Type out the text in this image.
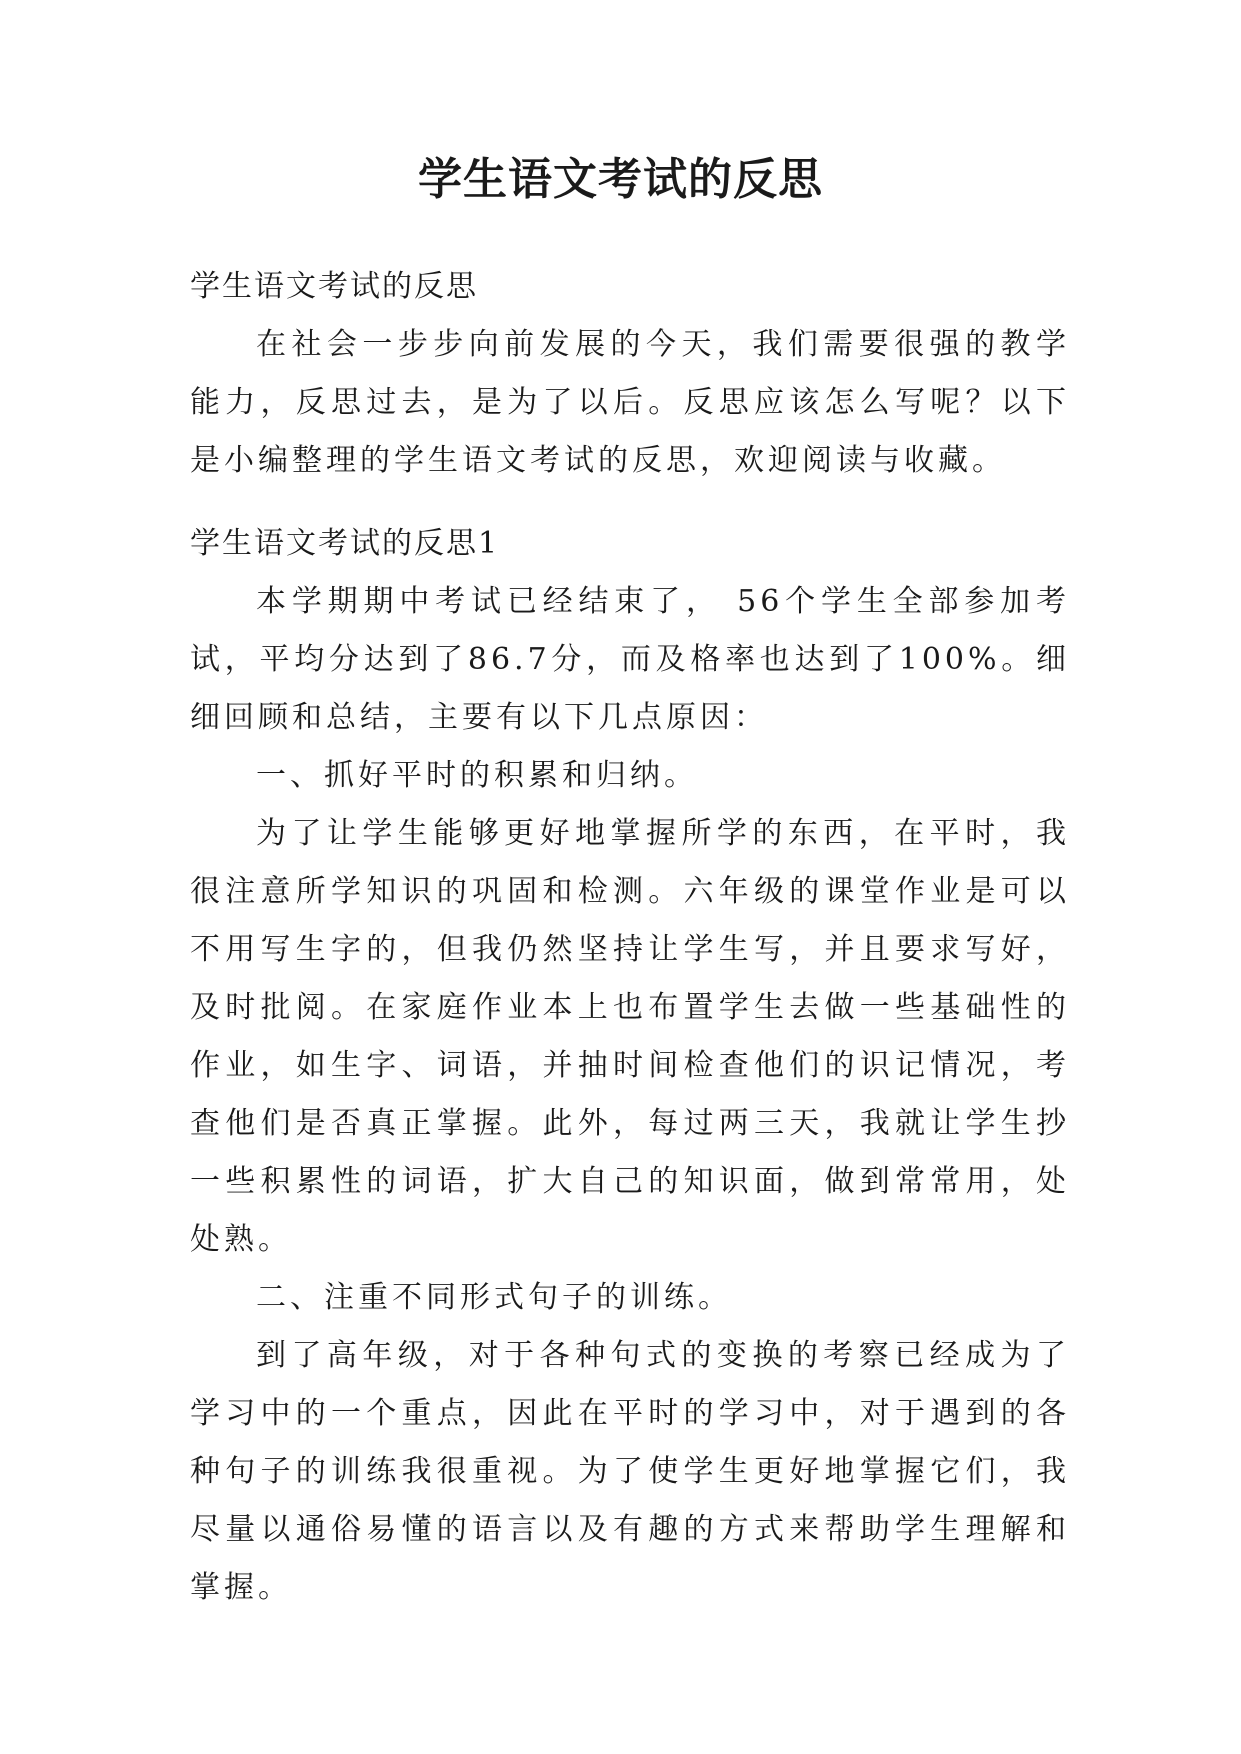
学生语文考试的反思
学生语文考试的反思

在社会一步步向前发展的今天，我们需要很强的教学能力，反思过去，是为了以后。反思应该怎么写呢？以下是小编整理的学生语文考试的反思，欢迎阅读与收藏。

学生语文考试的反思1

本学期期中考试已经结束了， 56个学生全部参加考试，平均分达到了86.7分，而及格率也达到了100%。细细回顾和总结，主要有以下几点原因：

一、抓好平时的积累和归纳。

为了让学生能够更好地掌握所学的东西，在平时，我很注意所学知识的巩固和检测。六年级的课堂作业是可以不用写生字的，但我仍然坚持让学生写，并且要求写好，及时批阅。在家庭作业本上也布置学生去做一些基础性的作业，如生字、词语，并抽时间检查他们的识记情况，考查他们是否真正掌握。此外，每过两三天，我就让学生抄一些积累性的词语，扩大自己的知识面，做到常常用，处处熟。

二、注重不同形式句子的训练。

到了高年级，对于各种句式的变换的考察已经成为了学习中的一个重点，因此在平时的学习中，对于遇到的各种句子的训练我很重视。为了使学生更好地掌握它们，我尽量以通俗易懂的语言以及有趣的方式来帮助学生理解和掌握。
